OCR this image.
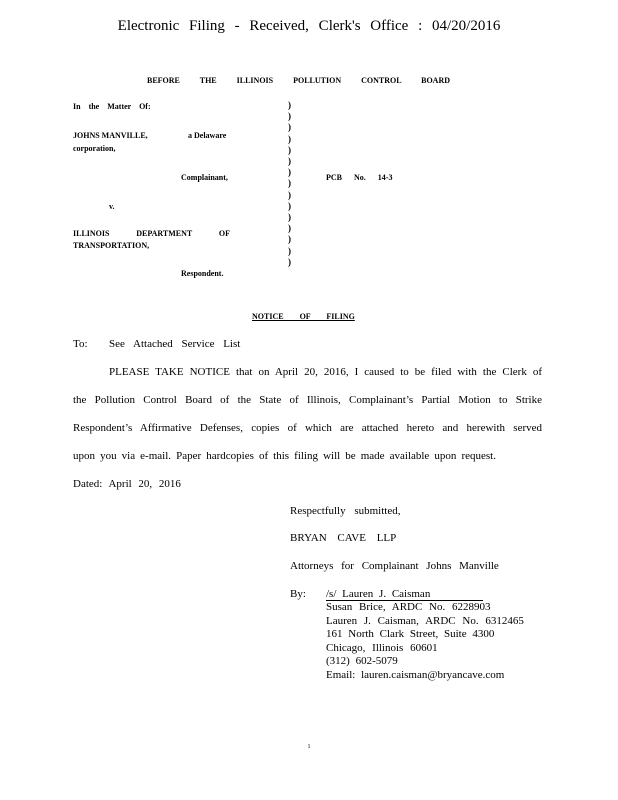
Electronic Filing - Received, Clerk's Office : 04/20/2016
BEFORE THE ILLINOIS POLLUTION CONTROL BOARD
In the Matter Of:
JOHNS MANVILLE,	a Delaware
corporation,
Complainant,	PCB No. 14-3
v.
ILLINOIS DEPARTMENT OF
TRANSPORTATION,
Respondent.
)
)
)
)
)
)
)
)
)
)
)
)
)
)
)
NOTICE OF FILING
To: See Attached Service List
PLEASE TAKE NOTICE that on April 20, 2016, I caused to be filed with the Clerk of
the Pollution Control Board of the State of Illinois, Complainant’s Partial Motion to Strike
Respondent’s Affirmative Defenses, copies of which are attached hereto and herewith served
upon you via e-mail. Paper hardcopies of this filing will be made available upon request.
Dated: April 20, 2016
Respectfully submitted,
BRYAN CAVE LLP
Attorneys for Complainant Johns Manville
By: /s/ Lauren J. Caisman
Susan Brice, ARDC No. 6228903
Lauren J. Caisman, ARDC No. 6312465
161 North Clark Street, Suite 4300
Chicago, Illinois 60601
(312) 602-5079
Email: lauren.caisman@bryancave.com
1
